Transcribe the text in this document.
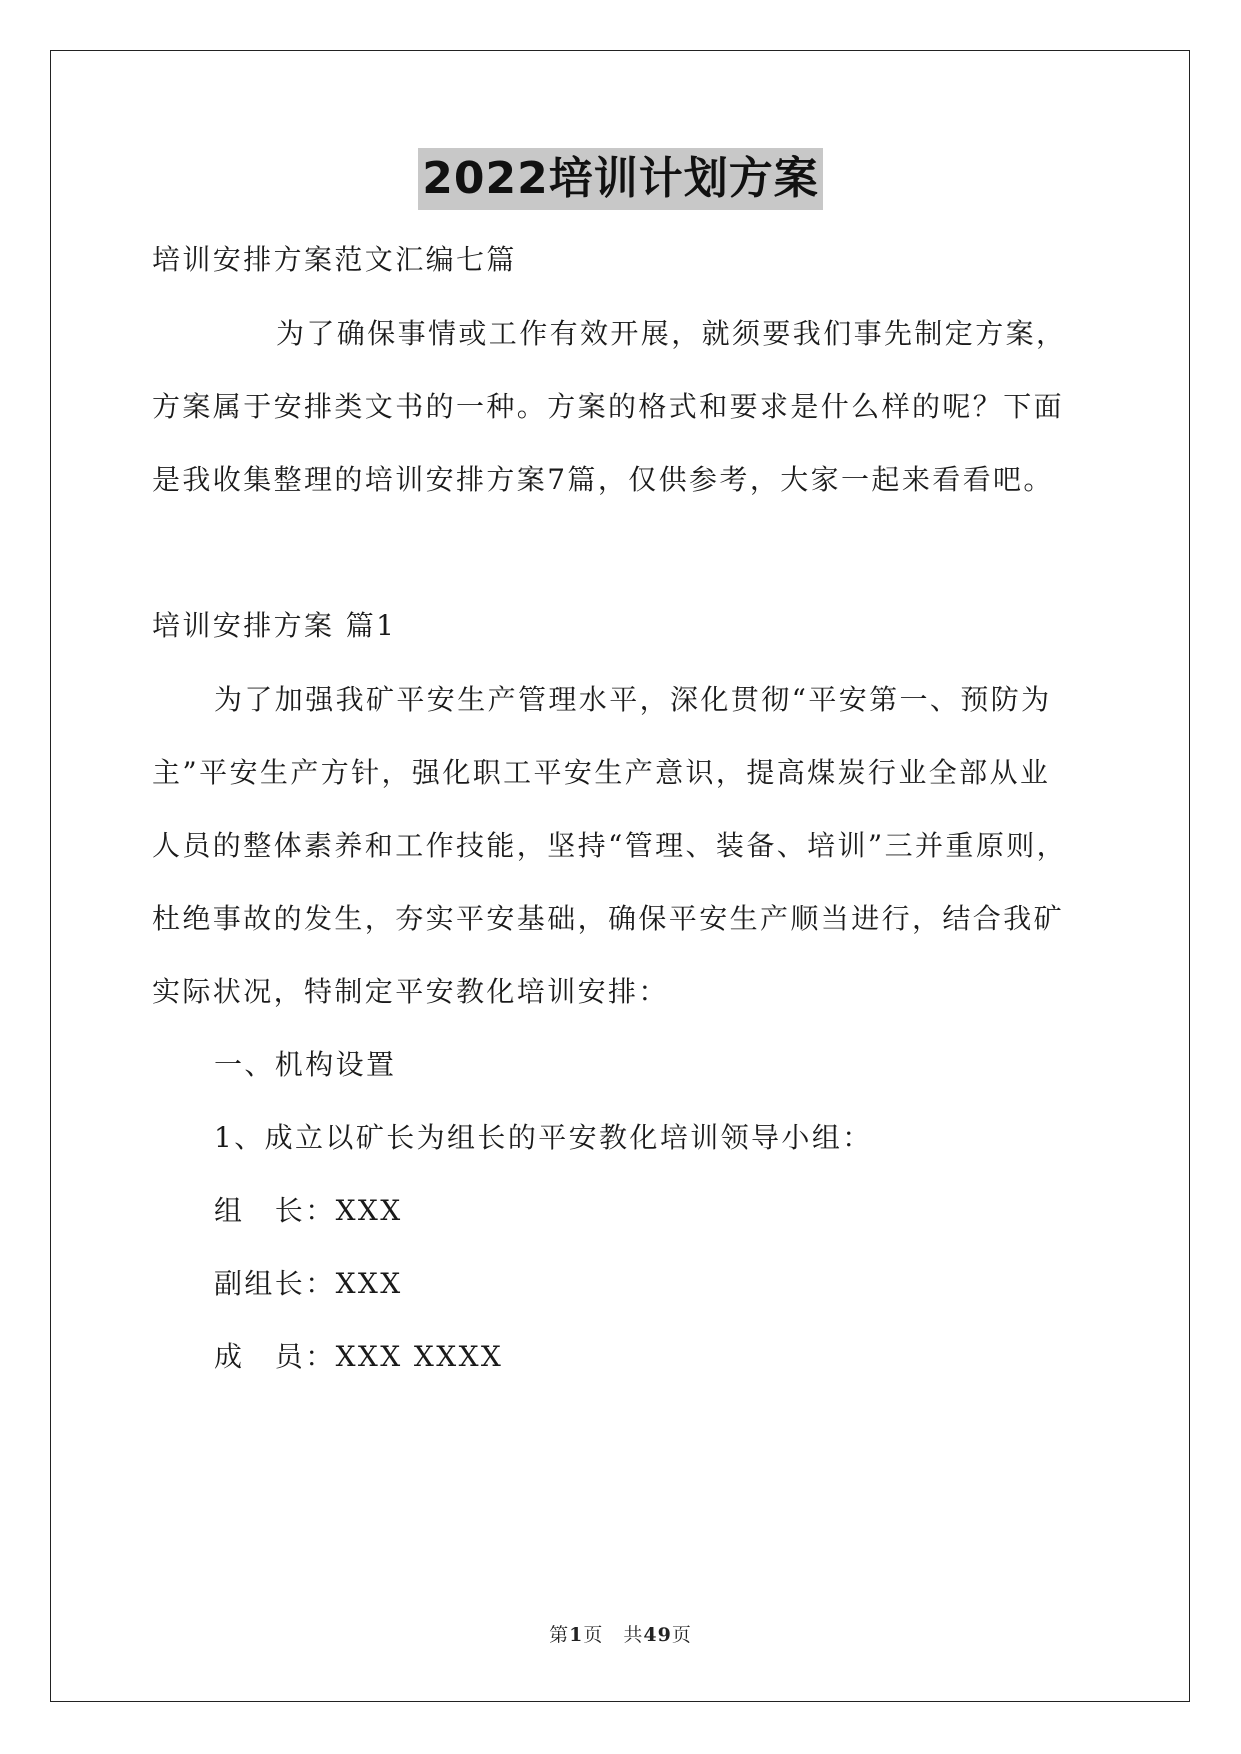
2022培训计划方案
培训安排方案范文汇编七篇
为了确保事情或工作有效开展，就须要我们事先制定方案，
方案属于安排类文书的一种。方案的格式和要求是什么样的呢？下面
是我收集整理的培训安排方案7篇，仅供参考，大家一起来看看吧。
培训安排方案 篇1
为了加强我矿平安生产管理水平，深化贯彻“平安第一、预防为
主”平安生产方针，强化职工平安生产意识，提高煤炭行业全部从业
人员的整体素养和工作技能，坚持“管理、装备、培训”三并重原则，
杜绝事故的发生，夯实平安基础，确保平安生产顺当进行，结合我矿
实际状况，特制定平安教化培训安排：
一、机构设置
1、成立以矿长为组长的平安教化培训领导小组：
组　长：XXX
副组长：XXX
成　员：XXX XXXX
第1页　共49页
